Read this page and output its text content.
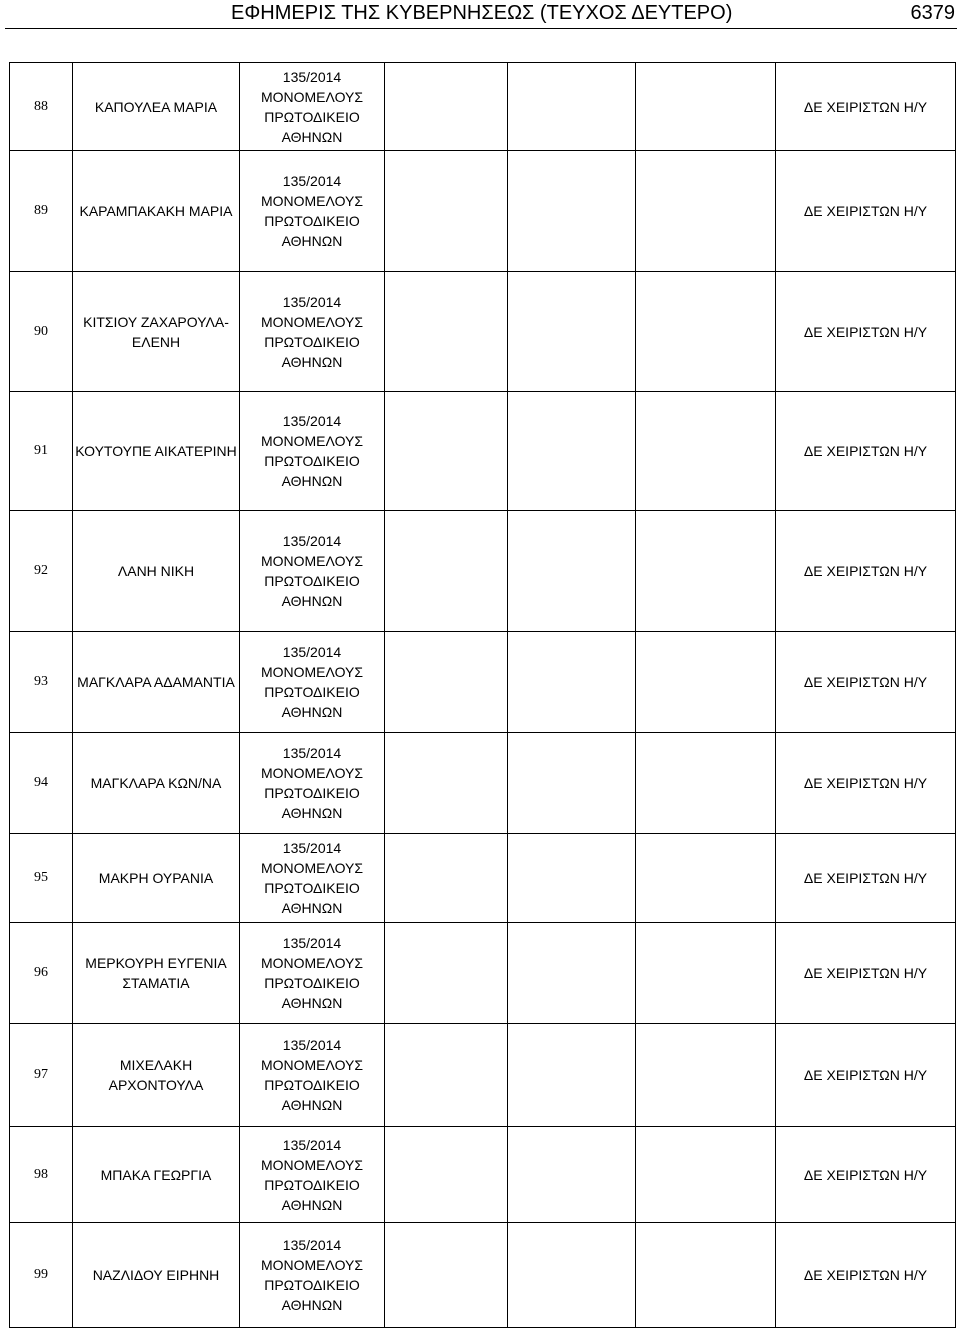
ΕΦΗΜΕΡΙΣ ΤΗΣ ΚΥΒΕΡΝΗΣΕΩΣ (ΤΕΥΧΟΣ ΔΕΥΤΕΡΟ)	6379
88	ΚΑΠΟΥΛΕΑ ΜΑΡΙΑ	135/2014
ΜΟΝΟΜΕΛΟΥΣ
ΠΡΩΤΟΔΙΚΕΙΟ
ΑΘΗΝΩΝ				ΔΕ ΧΕΙΡΙΣΤΩΝ Η/Υ
89	ΚΑΡΑΜΠΑΚΑΚΗ ΜΑΡΙΑ	135/2014
ΜΟΝΟΜΕΛΟΥΣ
ΠΡΩΤΟΔΙΚΕΙΟ
ΑΘΗΝΩΝ				ΔΕ ΧΕΙΡΙΣΤΩΝ Η/Υ
90	ΚΙΤΣΙΟΥ ΖΑΧΑΡΟΥΛΑ-ΕΛΕΝΗ	135/2014
ΜΟΝΟΜΕΛΟΥΣ
ΠΡΩΤΟΔΙΚΕΙΟ
ΑΘΗΝΩΝ				ΔΕ ΧΕΙΡΙΣΤΩΝ Η/Υ
91	ΚΟΥΤΟΥΠΕ ΑΙΚΑΤΕΡΙΝΗ	135/2014
ΜΟΝΟΜΕΛΟΥΣ
ΠΡΩΤΟΔΙΚΕΙΟ
ΑΘΗΝΩΝ				ΔΕ ΧΕΙΡΙΣΤΩΝ Η/Υ
92	ΛΑΝΗ ΝΙΚΗ	135/2014
ΜΟΝΟΜΕΛΟΥΣ
ΠΡΩΤΟΔΙΚΕΙΟ
ΑΘΗΝΩΝ				ΔΕ ΧΕΙΡΙΣΤΩΝ Η/Υ
93	ΜΑΓΚΛΑΡΑ ΑΔΑΜΑΝΤΙΑ	135/2014
ΜΟΝΟΜΕΛΟΥΣ
ΠΡΩΤΟΔΙΚΕΙΟ
ΑΘΗΝΩΝ				ΔΕ ΧΕΙΡΙΣΤΩΝ Η/Υ
94	ΜΑΓΚΛΑΡΑ ΚΩΝ/ΝΑ	135/2014
ΜΟΝΟΜΕΛΟΥΣ
ΠΡΩΤΟΔΙΚΕΙΟ
ΑΘΗΝΩΝ				ΔΕ ΧΕΙΡΙΣΤΩΝ Η/Υ
95	ΜΑΚΡΗ ΟΥΡΑΝΙΑ	135/2014
ΜΟΝΟΜΕΛΟΥΣ
ΠΡΩΤΟΔΙΚΕΙΟ
ΑΘΗΝΩΝ				ΔΕ ΧΕΙΡΙΣΤΩΝ Η/Υ
96	ΜΕΡΚΟΥΡΗ ΕΥΓΕΝΙΑ ΣΤΑΜΑΤΙΑ	135/2014
ΜΟΝΟΜΕΛΟΥΣ
ΠΡΩΤΟΔΙΚΕΙΟ
ΑΘΗΝΩΝ				ΔΕ ΧΕΙΡΙΣΤΩΝ Η/Υ
97	ΜΙΧΕΛΑΚΗ ΑΡΧΟΝΤΟΥΛΑ	135/2014
ΜΟΝΟΜΕΛΟΥΣ
ΠΡΩΤΟΔΙΚΕΙΟ
ΑΘΗΝΩΝ				ΔΕ ΧΕΙΡΙΣΤΩΝ Η/Υ
98	ΜΠΑΚΑ ΓΕΩΡΓΙΑ	135/2014
ΜΟΝΟΜΕΛΟΥΣ
ΠΡΩΤΟΔΙΚΕΙΟ
ΑΘΗΝΩΝ				ΔΕ ΧΕΙΡΙΣΤΩΝ Η/Υ
99	ΝΑΖΛΙΔΟΥ ΕΙΡΗΝΗ	135/2014
ΜΟΝΟΜΕΛΟΥΣ
ΠΡΩΤΟΔΙΚΕΙΟ
ΑΘΗΝΩΝ				ΔΕ ΧΕΙΡΙΣΤΩΝ Η/Υ
